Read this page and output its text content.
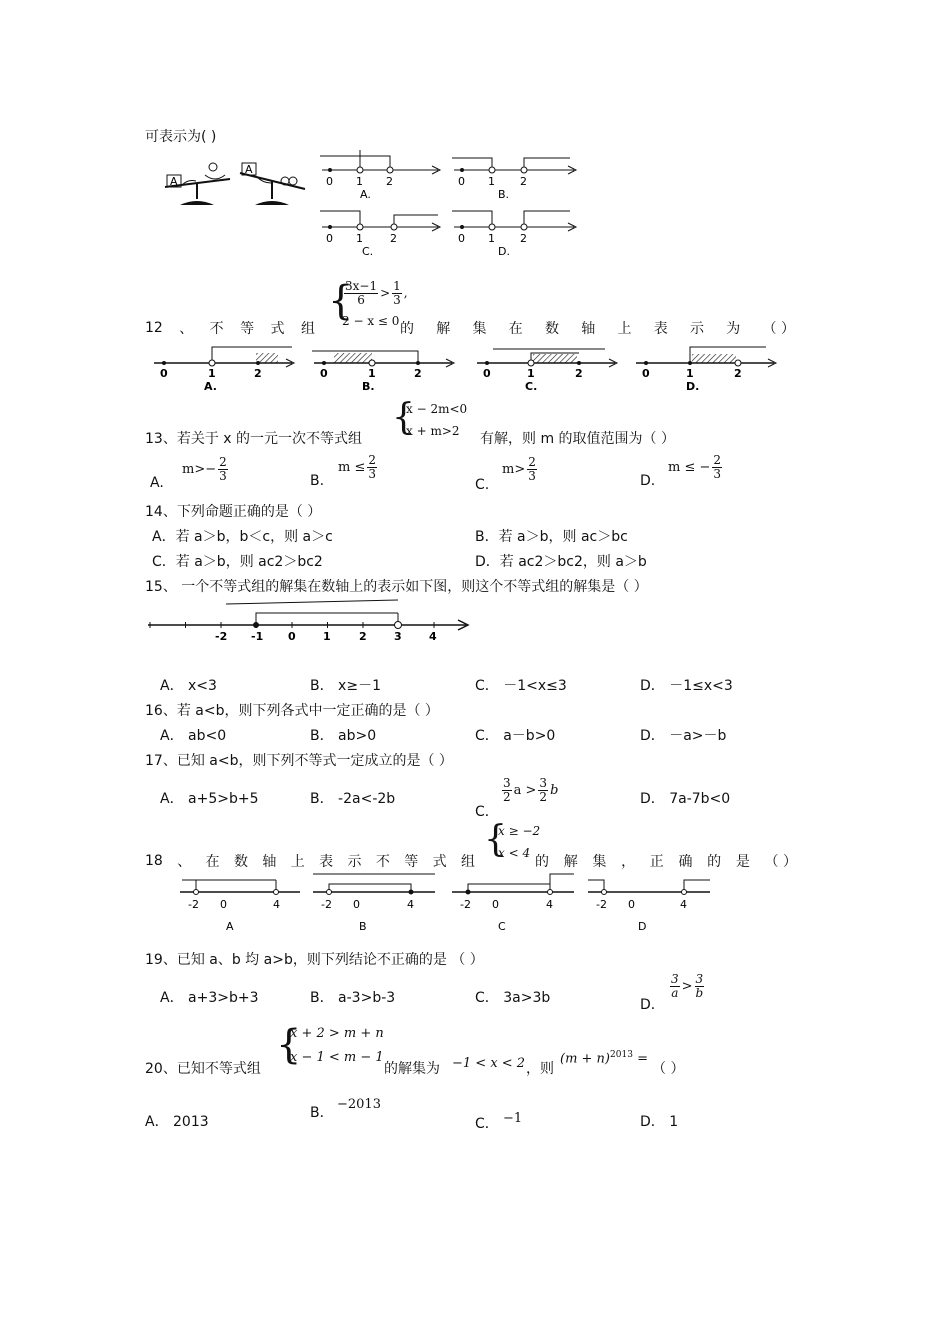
可表示为( )
A
A
0 1 2
A.
0 1 2
B.
0 1 2
C.
0 1 2
D.
12 、 不 等 式 组
{
$\frac{3x-1}{6} > \frac{1}{3}$ ,
2 − x ≤ 0 的 解 集 在 数 轴 上 表 示 为 （ ）
0	1	2
A.
0	1	2
B.
0	1	2
C.
0	1	2
D.
13、若关于 x 的一元一次不等式组
{
x − 2m<0
x + m>2 有解，则 m 的取值范围为（ ）
A.
$m>- \frac{2}{3}$	B.
$m \le \frac{2}{3}$
C.
$m> \frac{2}{3}$	D.
m ≤ − $\frac{2}{3}$
14、下列命题正确的是（ ）
A．若 a＞b，b＜c，则 a＞c	B．若 a＞b，则 ac＞bc
C．若 a＞b，则 ac2＞bc2	D．若 ac2＞bc2，则 a＞b
15、 一个不等式组的解集在数轴上的表示如下图，则这个不等式组的解集是（ ）
-2 -1 0 1	2 3 4
A． x<3	B． x≥－1	C． －1<x≤3	D． －1≤x<3
16、若 a<b，则下列各式中一定正确的是（ ）
A． ab<0	B． ab>0	C． a－b>0	D． －a>－b
17、已知 a<b，则下列不等式一定成立的是（ ）
A． a+5>b+5	B． -2a<-2b
C．
$\frac{3}{2}$ $a > \frac{3}{2}$ b
D． 7a-7b<0
18 、 在 数 轴 上 表 示 不 等 式 组
{
x ≥ −2
x < 4
的 解 集 ， 正 确 的 是 （ ）
-2 0	4
A
-2 0	4
B
-2 0	4
C
-2 0	4
D
19、已知 a、b 均 a>b，则下列结论不正确的是 （ ）
A． a+3>b+3	B． a-3>b-3	C． 3a>3b	D．
$\frac{3}{a} > \frac{3}{b}$
20、已知不等式组
{
x + 2 > m + n
x − 1 < m − 1
的解集为 −1 < x < 2 ，则
$(m + n)^{2013}$ =
（ ）
A． 2013
B．
−2013
C． −1	D． 1
